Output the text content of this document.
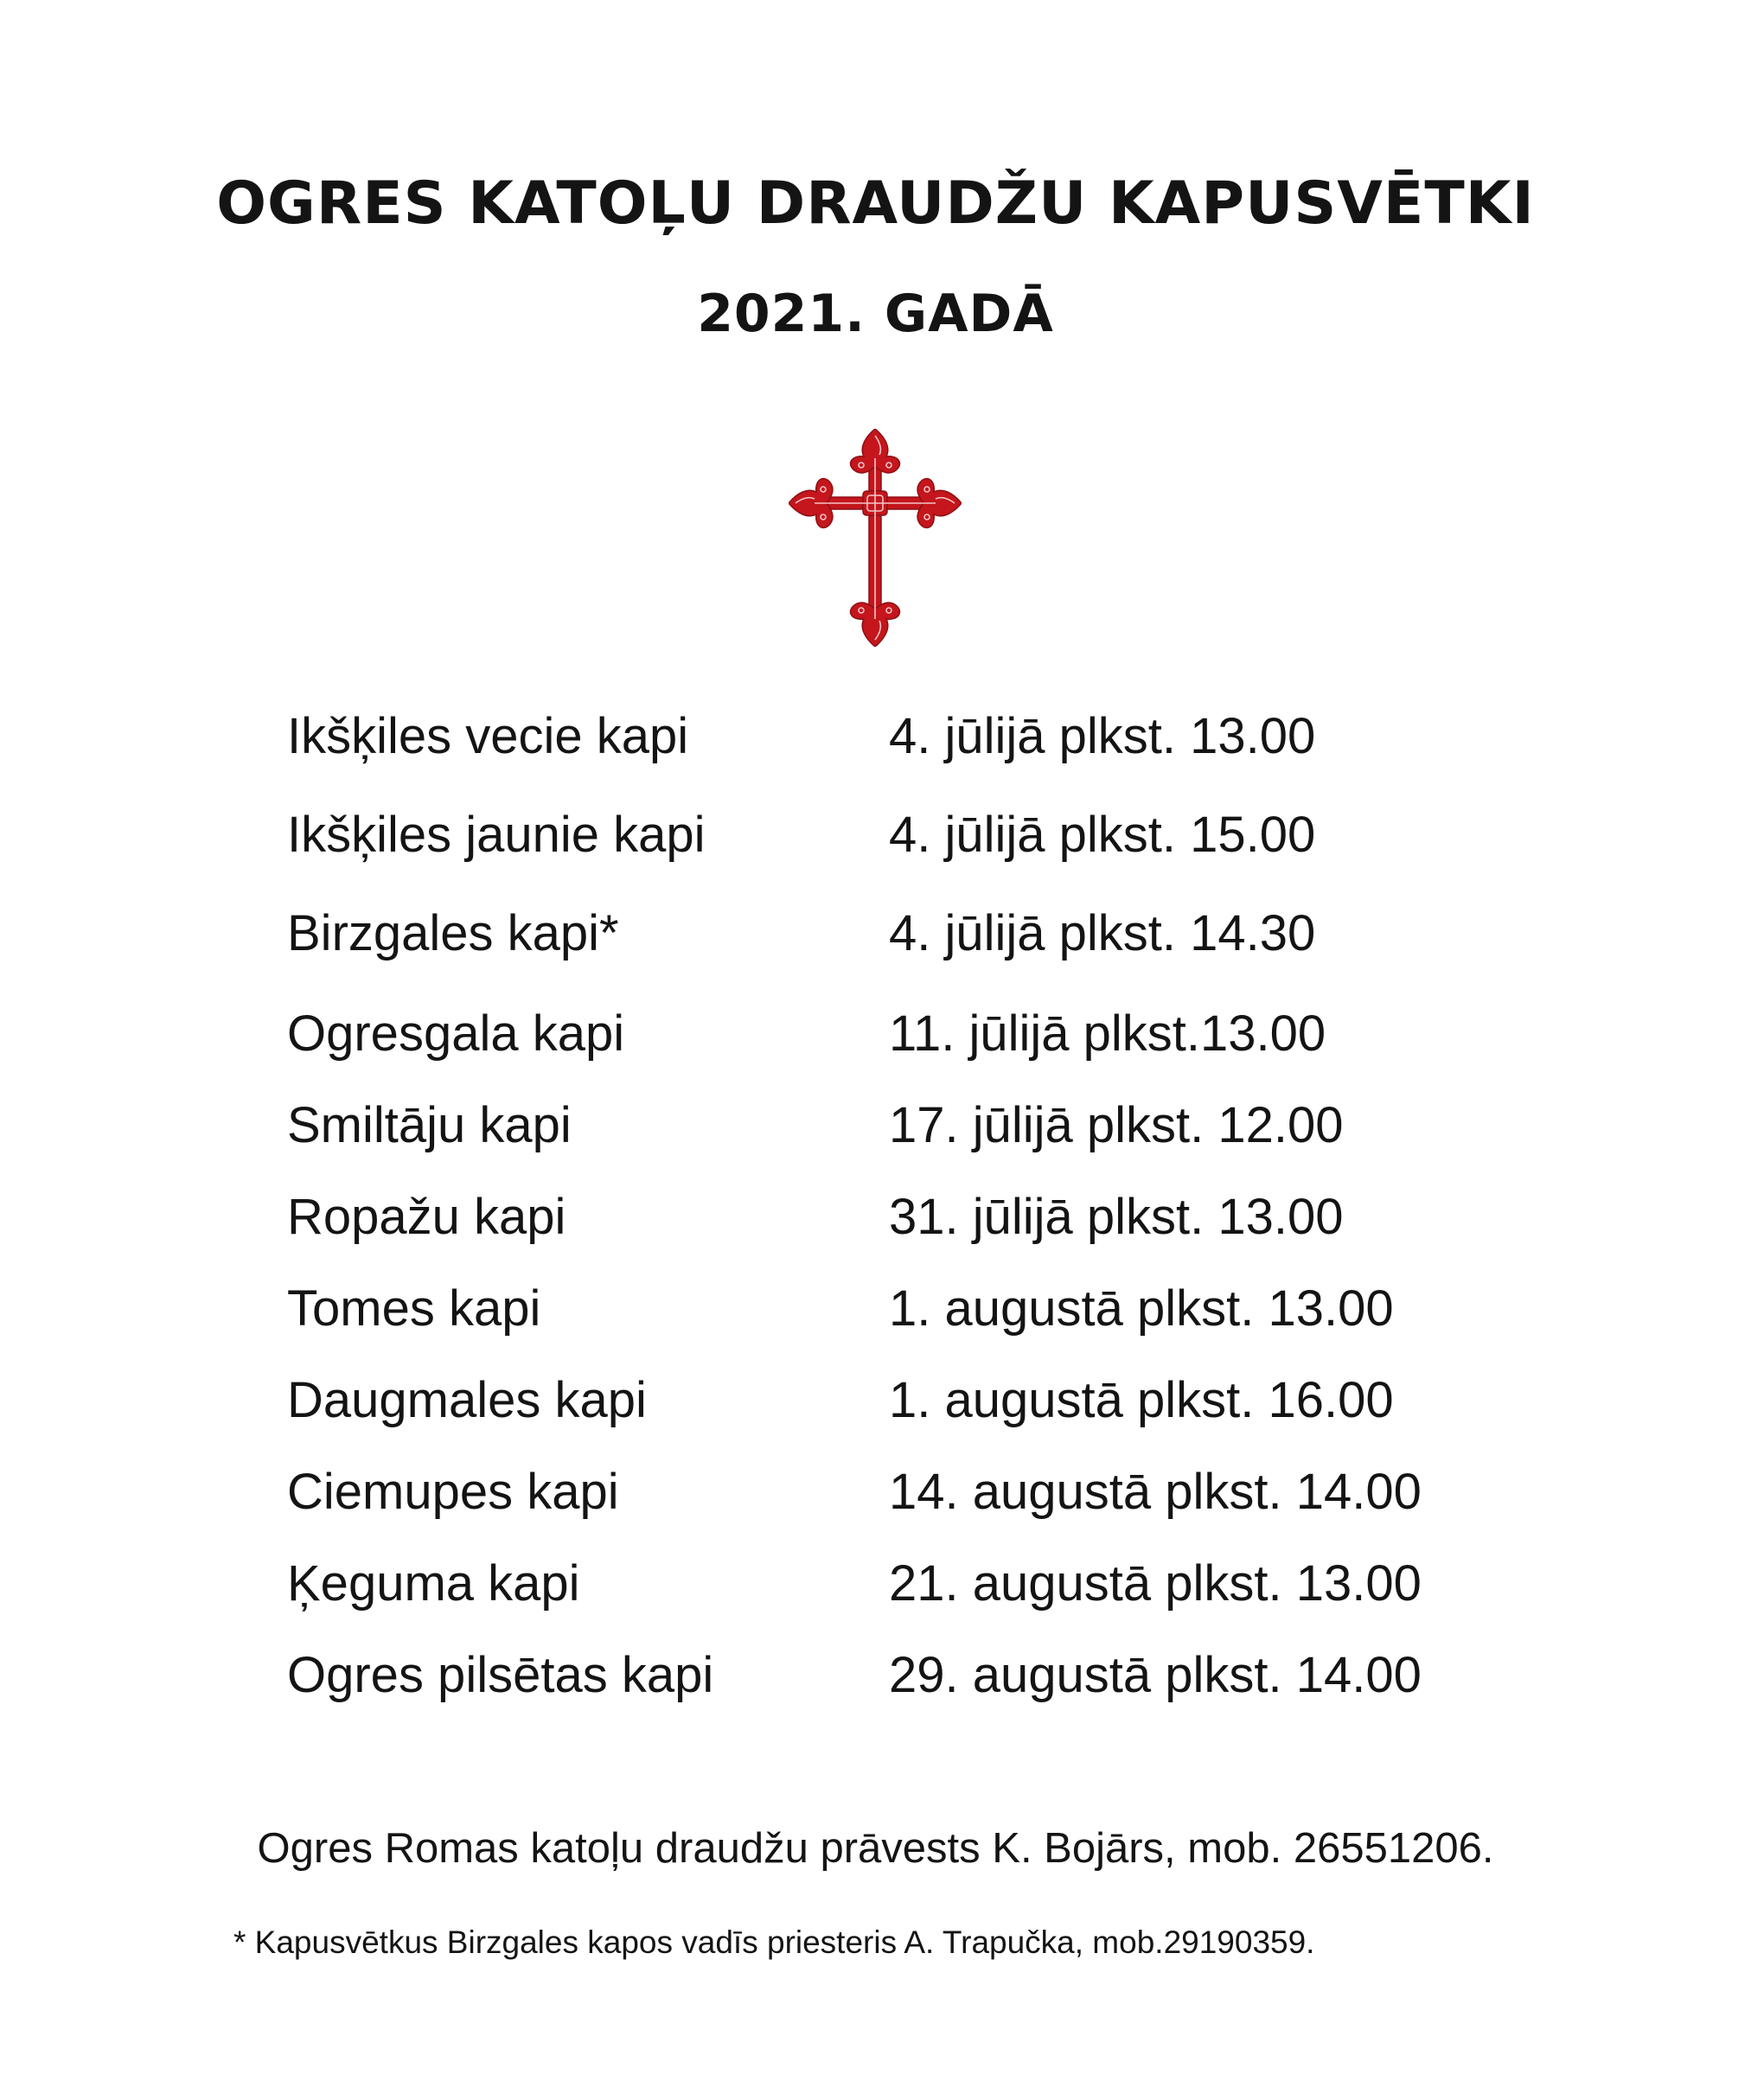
OGRES KATOĻU DRAUDŽU KAPUSVĒTKI
2021. GADĀ
Ikšķiles vecie kapi	4. jūlijā plkst. 13.00
Ikšķiles jaunie kapi	4. jūlijā plkst. 15.00
Birzgales kapi*	4. jūlijā plkst. 14.30
Ogresgala kapi	11. jūlijā plkst.13.00
Smiltāju kapi	17. jūlijā plkst. 12.00
Ropažu kapi	31. jūlijā plkst. 13.00
Tomes kapi	1. augustā plkst. 13.00
Daugmales kapi	1. augustā plkst. 16.00
Ciemupes kapi	14. augustā plkst. 14.00
Ķeguma kapi	21. augustā plkst. 13.00
Ogres pilsētas kapi	29. augustā plkst. 14.00
Ogres Romas katoļu draudžu prāvests K. Bojārs, mob. 26551206.
* Kapusvētkus Birzgales kapos vadīs priesteris A. Trapučka, mob.29190359.
